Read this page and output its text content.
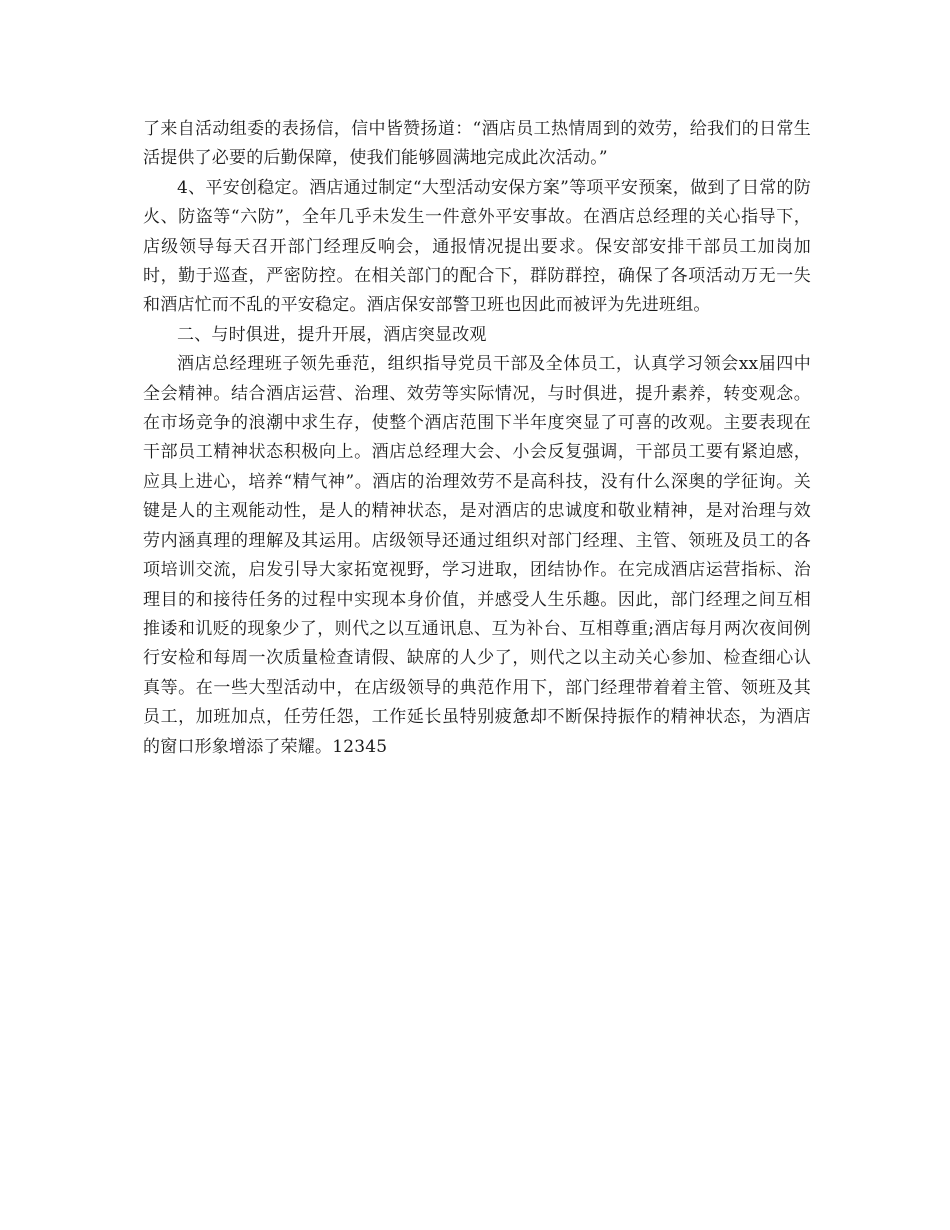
了来自活动组委的表扬信，信中皆赞扬道：“酒店员工热情周到的效劳，给我们的日常生活提供了必要的后勤保障，使我们能够圆满地完成此次活动。”

4、平安创稳定。酒店通过制定“大型活动安保方案”等项平安预案，做到了日常的防火、防盗等“六防”，全年几乎未发生一件意外平安事故。在酒店总经理的关心指导下，店级领导每天召开部门经理反响会，通报情况提出要求。保安部安排干部员工加岗加时，勤于巡查，严密防控。在相关部门的配合下，群防群控，确保了各项活动万无一失和酒店忙而不乱的平安稳定。酒店保安部警卫班也因此而被评为先进班组。

二、与时俱进，提升开展，酒店突显改观

酒店总经理班子领先垂范，组织指导党员干部及全体员工，认真学习领会xx届四中全会精神。结合酒店运营、治理、效劳等实际情况，与时俱进，提升素养，转变观念。在市场竞争的浪潮中求生存，使整个酒店范围下半年度突显了可喜的改观。主要表现在干部员工精神状态积极向上。酒店总经理大会、小会反复强调，干部员工要有紧迫感，应具上进心，培养“精气神”。酒店的治理效劳不是高科技，没有什么深奥的学征询。关键是人的主观能动性，是人的精神状态，是对酒店的忠诚度和敬业精神，是对治理与效劳内涵真理的理解及其运用。店级领导还通过组织对部门经理、主管、领班及员工的各项培训交流，启发引导大家拓宽视野，学习进取，团结协作。在完成酒店运营指标、治理目的和接待任务的过程中实现本身价值，并感受人生乐趣。因此，部门经理之间互相推诿和讥贬的现象少了，则代之以互通讯息、互为补台、互相尊重;酒店每月两次夜间例行安检和每周一次质量检查请假、缺席的人少了，则代之以主动关心参加、检查细心认真等。在一些大型活动中，在店级领导的典范作用下，部门经理带着着主管、领班及其员工，加班加点，任劳任怨，工作延长虽特别疲惫却不断保持振作的精神状态，为酒店的窗口形象增添了荣耀。12345
